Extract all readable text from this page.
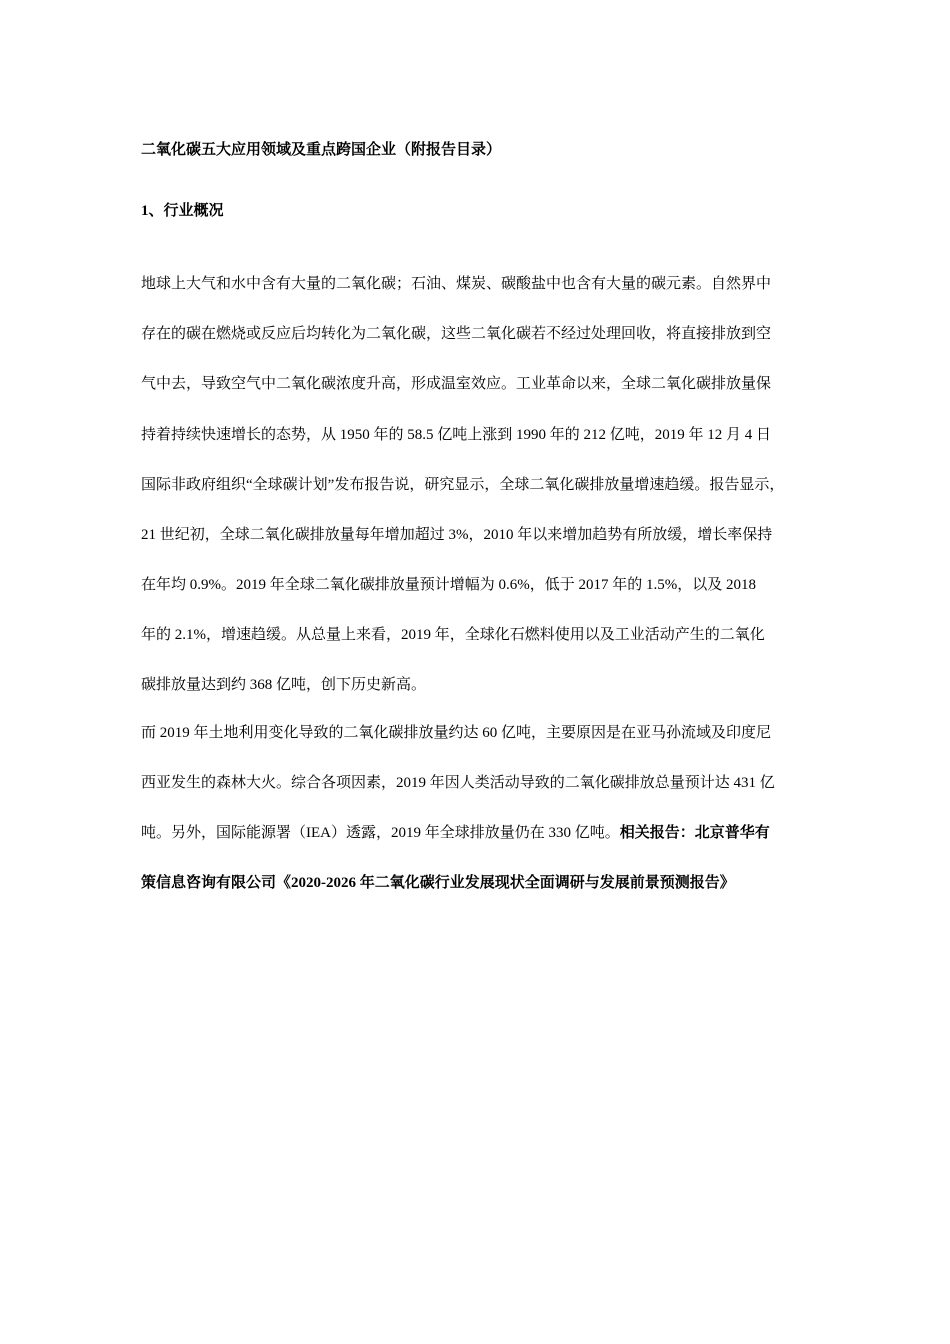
二氧化碳五大应用领域及重点跨国企业（附报告目录）
1、行业概况
地球上大气和水中含有大量的二氧化碳；石油、煤炭、碳酸盐中也含有大量的碳元素。自然界中
存在的碳在燃烧或反应后均转化为二氧化碳，这些二氧化碳若不经过处理回收，将直接排放到空
气中去，导致空气中二氧化碳浓度升高，形成温室效应。工业革命以来，全球二氧化碳排放量保
持着持续快速增长的态势，从 1950 年的 58.5 亿吨上涨到 1990 年的 212 亿吨，2019 年 12 月 4 日
国际非政府组织“全球碳计划”发布报告说，研究显示，全球二氧化碳排放量增速趋缓。报告显示，
21 世纪初，全球二氧化碳排放量每年增加超过 3%，2010 年以来增加趋势有所放缓，增长率保持
在年均 0.9%。2019 年全球二氧化碳排放量预计增幅为 0.6%，低于 2017 年的 1.5%，以及 2018
年的 2.1%，增速趋缓。从总量上来看，2019 年，全球化石燃料使用以及工业活动产生的二氧化
碳排放量达到约 368 亿吨，创下历史新高。
而 2019 年土地利用变化导致的二氧化碳排放量约达 60 亿吨，主要原因是在亚马孙流域及印度尼
西亚发生的森林大火。综合各项因素，2019 年因人类活动导致的二氧化碳排放总量预计达 431 亿
吨。另外，国际能源署（IEA）透露，2019 年全球排放量仍在 330 亿吨。相关报告：北京普华有
策信息咨询有限公司《2020-2026 年二氧化碳行业发展现状全面调研与发展前景预测报告》
